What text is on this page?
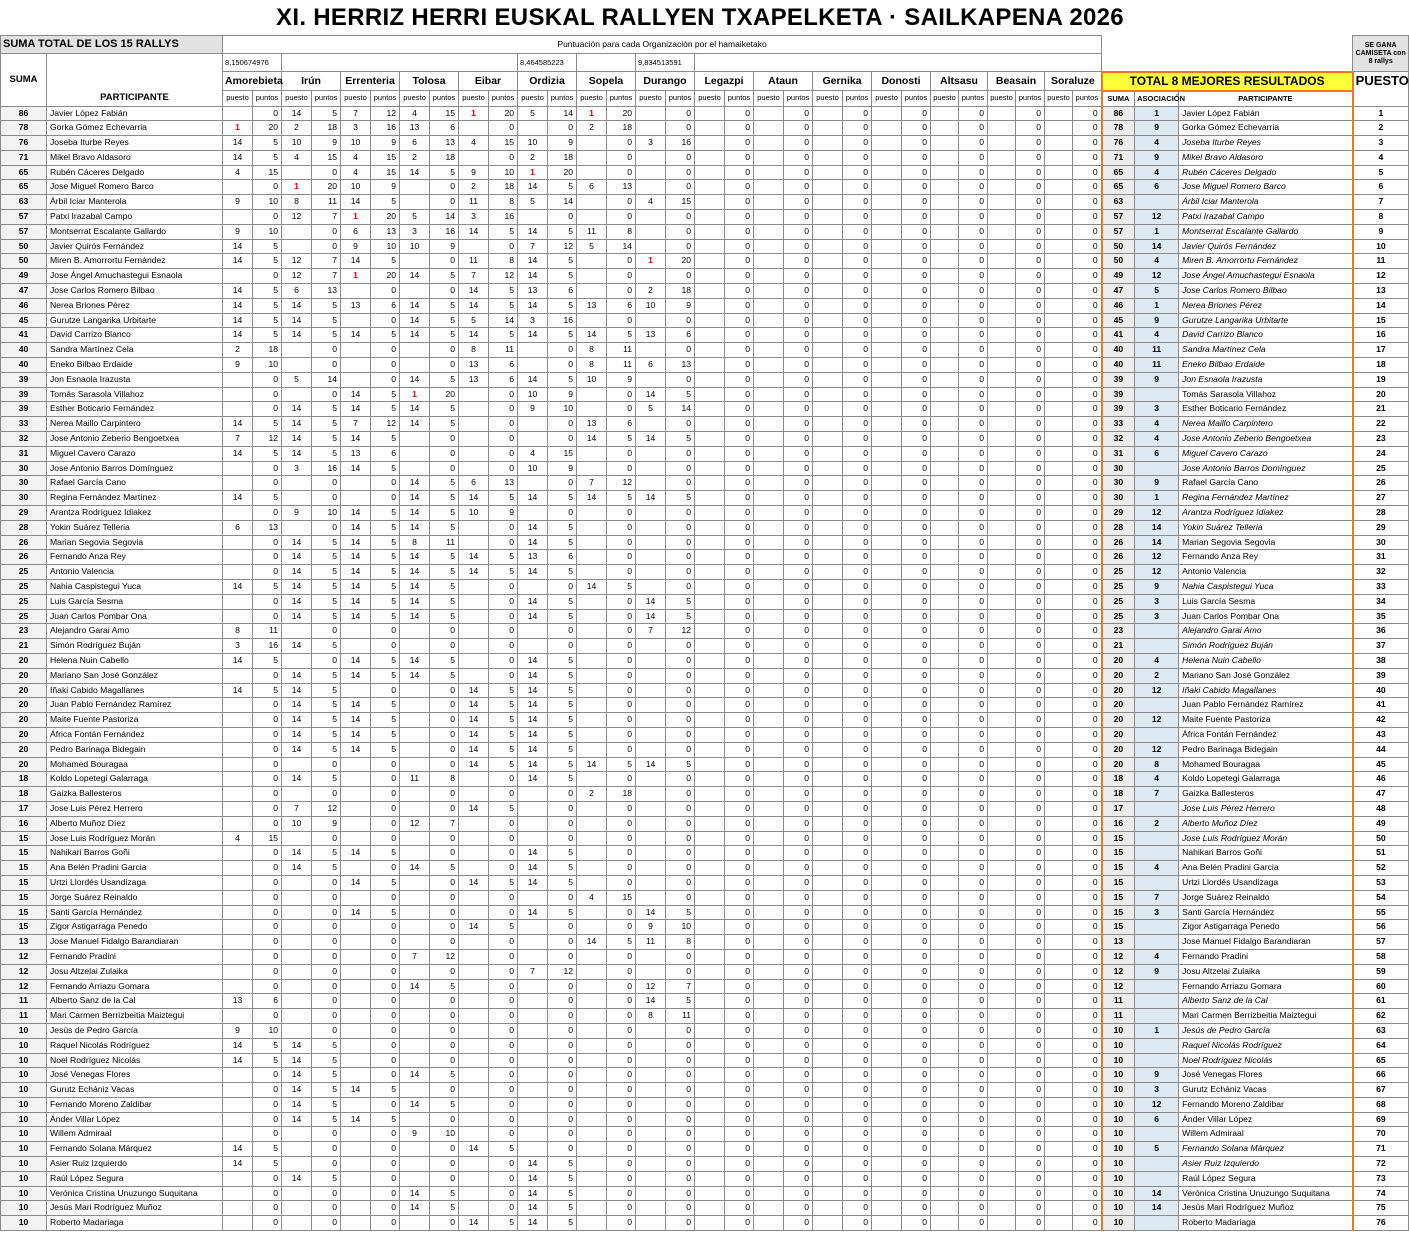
XI. HERRIZ HERRI EUSKAL RALLYEN TXAPELKETA · SAILKAPENA 2026
SUMA TOTAL DE LOS 15 RALLYS		Puntuación para cada Organización por el hamaiketako																																	SE GANA CAMISETA con 8 rallys
SUMA	PARTICIPANTE	8,150674976										8,464585223				9,834513591																			
		Amorebieta		Irún		Errenteria		Tolosa		Eibar		Ordizia		Sopela		Durango		Legazpi		Ataun		Gernika		Donosti		Altsasu		Beasain		Soraluze		TOTAL 8 MEJORES RESULTADOS			PUESTO
		puesto	puntos	puesto	puntos	puesto	puntos	puesto	puntos	puesto	puntos	puesto	puntos	puesto	puntos	puesto	puntos	puesto	puntos	puesto	puntos	puesto	puntos	puesto	puntos	puesto	puntos	puesto	puntos	puesto	puntos	SUMA	ASOCIACIÓN	PARTICIPANTE	
86	Javier López Fabián		0	14	5	7	12	4	15	1	20	5	14	1	20		0		0		0		0		0		0		0		0	86	1	Javier López Fabián	1
78	Gorka Gómez Echevarria	1	20	2	18	3	16	13	6		0		0	2	18		0		0		0		0		0		0		0		0	78	9	Gorka Gómez Echevarria	2
76	Joseba Iturbe Reyes	14	5	10	9	10	9	6	13	4	15	10	9		0	3	16		0		0		0		0		0		0		0	76	4	Joseba Iturbe Reyes	3
71	Mikel Bravo Aldasoro	14	5	4	15	4	15	2	18		0	2	18		0		0		0		0		0		0		0		0		0	71	9	Mikel Bravo Aldasoro	4
65	Rubén Cáceres Delgado	4	15		0	4	15	14	5	9	10	1	20		0		0		0		0		0		0		0		0		0	65	4	Rubén Cáceres Delgado	5
65	Jose Miguel Romero Barco		0	1	20	10	9		0	2	18	14	5	6	13		0		0		0		0		0		0		0		0	65	6	Jose Miguel Romero Barco	6
63	Árbil Iciar Manterola	9	10	8	11	14	5		0	11	8	5	14		0	4	15		0		0		0		0		0		0		0	63		Árbil Iciar Manterola	7
57	Patxi Irazabal Campo		0	12	7	1	20	5	14	3	16		0		0		0		0		0		0		0		0		0		0	57	12	Patxi Irazabal Campo	8
57	Montserrat Escalante Gallardo	9	10		0	6	13	3	16	14	5	14	5	11	8		0		0		0		0		0		0		0		0	57	1	Montserrat Escalante Gallardo	9
50	Javier Quirós Fernández	14	5		0	9	10	10	9		0	7	12	5	14		0		0		0		0		0		0		0		0	50	14	Javier Quirós Fernández	10
50	Miren B. Amorrortu Fernández	14	5	12	7	14	5		0	11	8	14	5		0	1	20		0		0		0		0		0		0		0	50	4	Miren B. Amorrortu Fernández	11
49	Jose Ángel Amuchastegui Esnaola		0	12	7	1	20	14	5	7	12	14	5		0		0		0		0		0		0		0		0		0	49	12	Jose Ángel Amuchastegui Esnaola	12
47	Jose Carlos Romero Bilbao	14	5	6	13		0		0	14	5	13	6		0	2	18		0		0		0		0		0		0		0	47	5	Jose Carlos Romero Bilbao	13
46	Nerea Briones Pérez	14	5	14	5	13	6	14	5	14	5	14	5	13	6	10	9		0		0		0		0		0		0		0	46	1	Nerea Briones Pérez	14
45	Gurutze Langarika Urbitarte	14	5	14	5		0	14	5	5	14	3	16		0		0		0		0		0		0		0		0		0	45	9	Gurutze Langarika Urbitarte	15
41	David Carrizo Blanco	14	5	14	5	14	5	14	5	14	5	14	5	14	5	13	6		0		0		0		0		0		0		0	41	4	David Carrizo Blanco	16
40	Sandra Martínez Cela	2	18		0		0		0	8	11		0	8	11		0		0		0		0		0		0		0		0	40	11	Sandra Martínez Cela	17
40	Eneko Bilbao Erdaide	9	10		0		0		0	13	6		0	8	11	6	13		0		0		0		0		0		0		0	40	11	Eneko Bilbao Erdaide	18
39	Jon Esnaola Irazusta		0	5	14		0	14	5	13	6	14	5	10	9		0		0		0		0		0		0		0		0	39	9	Jon Esnaola Irazusta	19
39	Tomás Sarasola Villahoz		0		0	14	5	1	20		0	10	9		0	14	5		0		0		0		0		0		0		0	39		Tomás Sarasola Villahoz	20
39	Esther Boticario Fernández		0	14	5	14	5	14	5		0	9	10		0	5	14		0		0		0		0		0		0		0	39	3	Esther Boticario Fernández	21
33	Nerea Maillo Carpintero	14	5	14	5	7	12	14	5		0		0	13	6		0		0		0		0		0		0		0		0	33	4	Nerea Maillo Carpintero	22
32	Jose Antonio Zeberio Bengoetxea	7	12	14	5	14	5		0		0		0	14	5	14	5		0		0		0		0		0		0		0	32	4	Jose Antonio Zeberio Bengoetxea	23
31	Miguel Cavero Carazo	14	5	14	5	13	6		0		0	4	15		0		0		0		0		0		0		0		0		0	31	6	Miguel Cavero Carazo	24
30	Jose Antonio Barros Domínguez		0	3	16	14	5		0		0	10	9		0		0		0		0		0		0		0		0		0	30		Jose Antonio Barros Domínguez	25
30	Rafael García Cano		0		0		0	14	5	6	13		0	7	12		0		0		0		0		0		0		0		0	30	9	Rafael García Cano	26
30	Regina Fernández Martínez	14	5		0		0	14	5	14	5	14	5	14	5	14	5		0		0		0		0		0		0		0	30	1	Regina Fernández Martínez	27
29	Arantza Rodríguez Idiakez		0	9	10	14	5	14	5	10	9		0		0		0		0		0		0		0		0		0		0	29	12	Arantza Rodríguez Idiakez	28
28	Yokin Suárez Telleria	6	13		0	14	5	14	5		0	14	5		0		0		0		0		0		0		0		0		0	28	14	Yokin Suárez Telleria	29
26	Marian Segovia Segovia		0	14	5	14	5	8	11		0	14	5		0		0		0		0		0		0		0		0		0	26	14	Marian Segovia Segovia	30
26	Fernando Anza Rey		0	14	5	14	5	14	5	14	5	13	6		0		0		0		0		0		0		0		0		0	26	12	Fernando Anza Rey	31
25	Antonio Valencia		0	14	5	14	5	14	5	14	5	14	5		0		0		0		0		0		0		0		0		0	25	12	Antonio Valencia	32
25	Nahia Caspistegui Yuca	14	5	14	5	14	5	14	5		0		0	14	5		0		0		0		0		0		0		0		0	25	9	Nahia Caspistegui Yuca	33
25	Luis García Sesma		0	14	5	14	5	14	5		0	14	5		0	14	5		0		0		0		0		0		0		0	25	3	Luis García Sesma	34
25	Juan Carlos Pombar Ona		0	14	5	14	5	14	5		0	14	5		0	14	5		0		0		0		0		0		0		0	25	3	Juan Carlos Pombar Ona	35
23	Alejandro Garai Amo	8	11		0		0		0		0		0		0	7	12		0		0		0		0		0		0		0	23		Alejandro Garai Amo	36
21	Simón Rodríguez Buján	3	16	14	5		0		0		0		0		0		0		0		0		0		0		0		0		0	21		Simón Rodríguez Buján	37
20	Helena Nuin Cabello	14	5		0	14	5	14	5		0	14	5		0		0		0		0		0		0		0		0		0	20	4	Helena Nuin Cabello	38
20	Mariano San José González		0	14	5	14	5	14	5		0	14	5		0		0		0		0		0		0		0		0		0	20	2	Mariano San José González	39
20	Iñaki Cabido Magallanes	14	5	14	5		0		0	14	5	14	5		0		0		0		0		0		0		0		0		0	20	12	Iñaki Cabido Magallanes	40
20	Juan Pablo Fernández Ramírez		0	14	5	14	5		0	14	5	14	5		0		0		0		0		0		0		0		0		0	20		Juan Pablo Fernández Ramírez	41
20	Maite Fuente Pastoriza		0	14	5	14	5		0	14	5	14	5		0		0		0		0		0		0		0		0		0	20	12	Maite Fuente Pastoriza	42
20	África Fontán Fernández		0	14	5	14	5		0	14	5	14	5		0		0		0		0		0		0		0		0		0	20		África Fontán Fernández	43
20	Pedro Barinaga Bidegain		0	14	5	14	5		0	14	5	14	5		0		0		0		0		0		0		0		0		0	20	12	Pedro Barinaga Bidegain	44
20	Mohamed Bouragaa		0		0		0		0	14	5	14	5	14	5	14	5		0		0		0		0		0		0		0	20	8	Mohamed Bouragaa	45
18	Koldo Lopetegi Galarraga		0	14	5		0	11	8		0	14	5		0		0		0		0		0		0		0		0		0	18	4	Koldo Lopetegi Galarraga	46
18	Gaizka Ballesteros		0		0		0		0		0		0	2	18		0		0		0		0		0		0		0		0	18	7	Gaizka Ballesteros	47
17	Jose Luis Pérez Herrero		0	7	12		0		0	14	5		0		0		0		0		0		0		0		0		0		0	17		Jose Luis Pérez Herrero	48
16	Alberto Muñoz Díez		0	10	9		0	12	7		0		0		0		0		0		0		0		0		0		0		0	16	2	Alberto Muñoz Díez	49
15	Jose Luis Rodríguez Morán	4	15		0		0		0		0		0		0		0		0		0		0		0		0		0		0	15		Jose Luis Rodríguez Morán	50
15	Nahikari Barros Goñi		0	14	5	14	5		0		0	14	5		0		0		0		0		0		0		0		0		0	15		Nahikari Barros Goñi	51
15	Ana Belén Pradini Garcia		0	14	5		0	14	5		0	14	5		0		0		0		0		0		0		0		0		0	15	4	Ana Belén Pradini Garcia	52
15	Urtzi Llordés Usandizaga		0		0	14	5		0	14	5	14	5		0		0		0		0		0		0		0		0		0	15		Urtzi Llordés Usandizaga	53
15	Jorge Suárez Reinaldo		0		0		0		0		0		0	4	15		0		0		0		0		0		0		0		0	15	7	Jorge Suárez Reinaldo	54
15	Santi García Hernández		0		0	14	5		0		0	14	5		0	14	5		0		0		0		0		0		0		0	15	3	Santi García Hernández	55
15	Zigor Astigarraga Penedo		0		0		0		0	14	5		0		0	9	10		0		0		0		0		0		0		0	15		Zigor Astigarraga Penedo	56
13	Jose Manuel Fidalgo Barandiaran		0		0		0		0		0		0	14	5	11	8		0		0		0		0		0		0		0	13		Jose Manuel Fidalgo Barandiaran	57
12	Fernando Pradini		0		0		0	7	12		0		0		0		0		0		0		0		0		0		0		0	12	4	Fernando Pradini	58
12	Josu Altzelai Zulaika		0		0		0		0		0	7	12		0		0		0		0		0		0		0		0		0	12	9	Josu Altzelai Zulaika	59
12	Fernando Arriazu Gomara		0		0		0	14	5		0		0		0	12	7		0		0		0		0		0		0		0	12		Fernando Arriazu Gomara	60
11	Alberto Sanz de la Cal	13	6		0		0		0		0		0		0	14	5		0		0		0		0		0		0		0	11		Alberto Sanz de la Cal	61
11	Mari Carmen Berrizbeitia Maiztegui		0		0		0		0		0		0		0	8	11		0		0		0		0		0		0		0	11		Mari Carmen Berrizbeitia Maiztegui	62
10	Jesús de Pedro García	9	10		0		0		0		0		0		0		0		0		0		0		0		0		0		0	10	1	Jesús de Pedro García	63
10	Raquel Nicolás Rodríguez	14	5	14	5		0		0		0		0		0		0		0		0		0		0		0		0		0	10		Raquel Nicolás Rodríguez	64
10	Noel Rodríguez Nicolás	14	5	14	5		0		0		0		0		0		0		0		0		0		0		0		0		0	10		Noel Rodríguez Nicolás	65
10	José Venegas Flores		0	14	5		0	14	5		0		0		0		0		0		0		0		0		0		0		0	10	9	José Venegas Flores	66
10	Gurutz Echániz Vacas		0	14	5	14	5		0		0		0		0		0		0		0		0		0		0		0		0	10	3	Gurutz Echániz Vacas	67
10	Fernando Moreno Zaldibar		0	14	5		0	14	5		0		0		0		0		0		0		0		0		0		0		0	10	12	Fernando Moreno Zaldibar	68
10	Ánder Villar López		0	14	5	14	5		0		0		0		0		0		0		0		0		0		0		0		0	10	6	Ánder Villar López	69
10	Willem Admiraal		0		0		0	9	10		0		0		0		0		0		0		0		0		0		0		0	10		Willem Admiraal	70
10	Fernando Solana Márquez	14	5		0		0		0	14	5		0		0		0		0		0		0		0		0		0		0	10	5	Fernando Solana Márquez	71
10	Asier Ruiz Izquierdo	14	5		0		0		0		0	14	5		0		0		0		0		0		0		0		0		0	10		Asier Ruiz Izquierdo	72
10	Raúl López Segura		0	14	5		0		0		0	14	5		0		0		0		0		0		0		0		0		0	10		Raúl López Segura	73
10	Verónica Cristina Unuzungo Suquitana		0		0		0	14	5		0	14	5		0		0		0		0		0		0		0		0		0	10	14	Verónica Cristina Unuzungo Suquitana	74
10	Jesús Mari Rodríguez Muñoz		0		0		0	14	5		0	14	5		0		0		0		0		0		0		0		0		0	10	14	Jesús Mari Rodríguez Muñoz	75
10	Roberto Madariaga		0		0		0		0	14	5	14	5		0		0		0		0		0		0		0		0		0	10		Roberto Madariaga	76
